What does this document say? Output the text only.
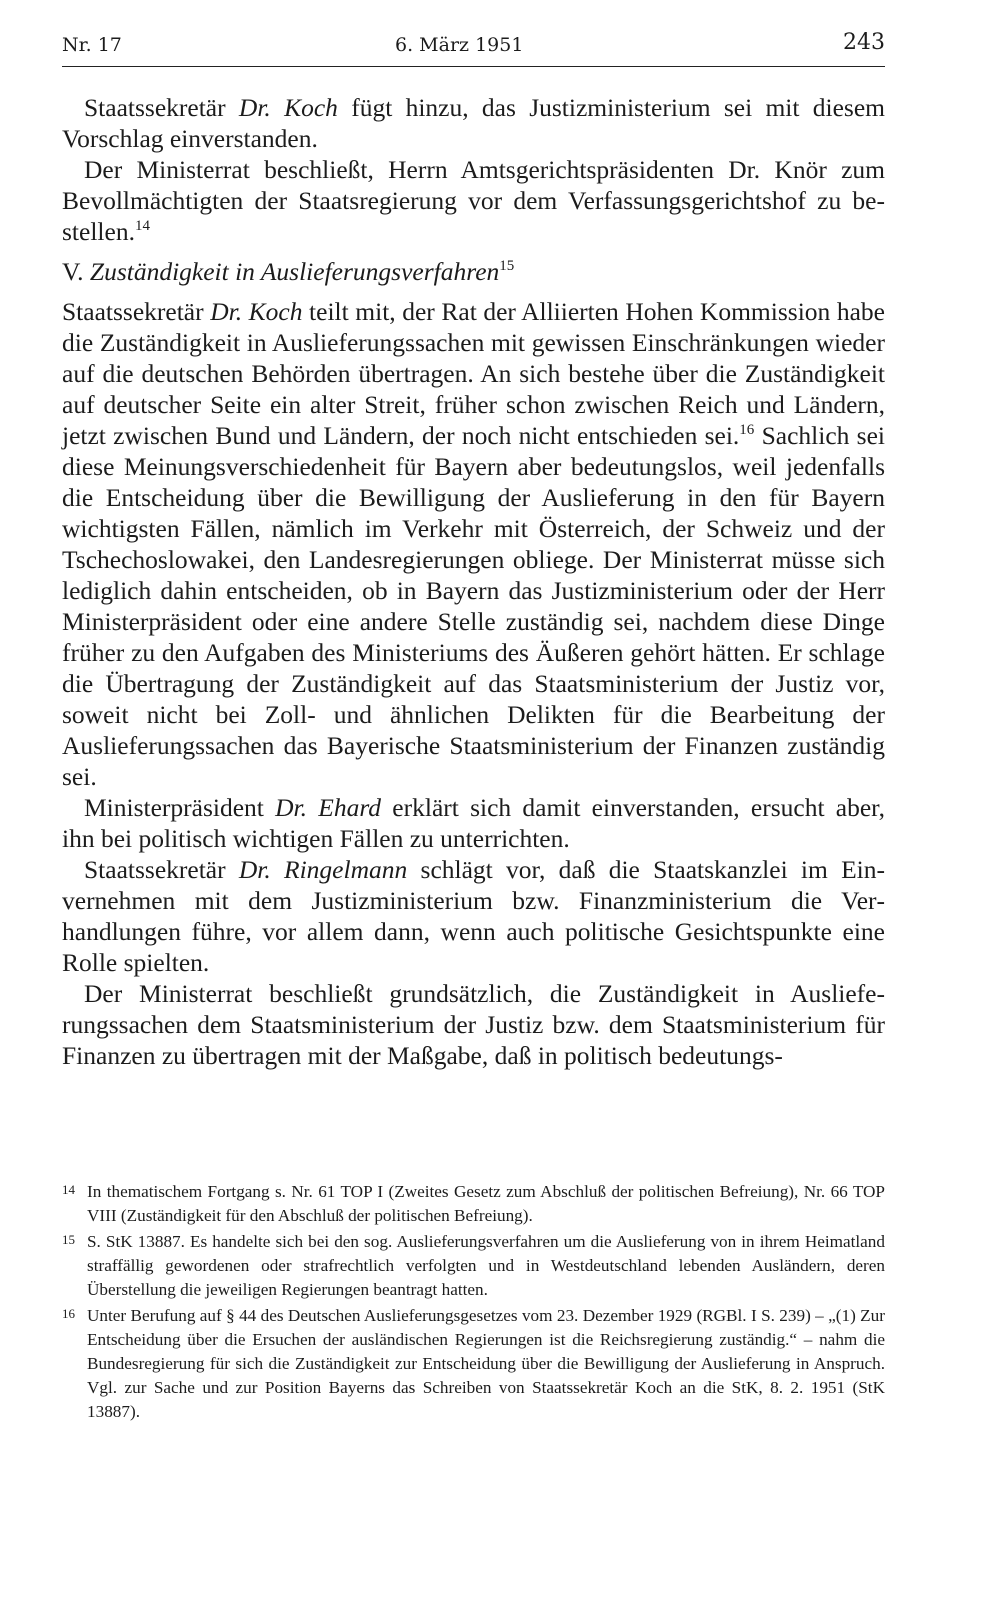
Nr. 17	6. März 1951	243

Staatssekretär Dr. Koch fügt hinzu, das Justizministerium sei mit diesem Vorschlag einverstanden.

Der Ministerrat beschließt, Herrn Amtsgerichtspräsidenten Dr. Knör zum Bevollmächtigten der Staatsregierung vor dem Verfassungsgerichtshof zu bestellen.$^{14}$

V. Zuständigkeit in Auslieferungsverfahren$^{15}$

Staatssekretär Dr. Koch teilt mit, der Rat der Alliierten Hohen Kommission habe die Zuständigkeit in Auslieferungssachen mit gewissen Einschränkungen wieder auf die deutschen Behörden übertragen. An sich bestehe über die Zuständigkeit auf deutscher Seite ein alter Streit, früher schon zwischen Reich und Ländern, jetzt zwischen Bund und Ländern, der noch nicht entschieden sei.$^{16}$ Sachlich sei diese Meinungsverschiedenheit für Bayern aber bedeutungslos, weil jedenfalls die Entscheidung über die Bewilligung der Auslieferung in den für Bayern wichtigsten Fällen, nämlich im Verkehr mit Österreich, der Schweiz und der Tschechoslowakei, den Landesregierungen obliege. Der Ministerrat müsse sich lediglich dahin entscheiden, ob in Bayern das Justizministerium oder der Herr Ministerpräsident oder eine andere Stelle zuständig sei, nachdem diese Dinge früher zu den Aufgaben des Ministeriums des Äußeren gehört hätten. Er schlage die Übertragung der Zuständigkeit auf das Staatsministerium der Justiz vor, soweit nicht bei Zoll- und ähnlichen Delikten für die Bearbeitung der Auslieferungssachen das Bayerische Staatsministerium der Finanzen zuständig sei.

Ministerpräsident Dr. Ehard erklärt sich damit einverstanden, ersucht aber, ihn bei politisch wichtigen Fällen zu unterrichten.

Staatssekretär Dr. Ringelmann schlägt vor, daß die Staatskanzlei im Einvernehmen mit dem Justizministerium bzw. Finanzministerium die Verhandlungen führe, vor allem dann, wenn auch politische Gesichtspunkte eine Rolle spielten.

Der Ministerrat beschließt grundsätzlich, die Zuständigkeit in Auslieferungssachen dem Staatsministerium der Justiz bzw. dem Staatsministerium für Finanzen zu übertragen mit der Maßgabe, daß in politisch bedeutungs-

14 In thematischem Fortgang s. Nr. 61 TOP I (Zweites Gesetz zum Abschluß der politischen Befreiung), Nr. 66 TOP VIII (Zuständigkeit für den Abschluß der politischen Befreiung).
15 S. StK 13887. Es handelte sich bei den sog. Auslieferungsverfahren um die Auslieferung von in ihrem Heimatland straffällig gewordenen oder strafrechtlich verfolgten und in Westdeutschland lebenden Ausländern, deren Überstellung die jeweiligen Regierungen beantragt hatten.
16 Unter Berufung auf § 44 des Deutschen Auslieferungsgesetzes vom 23. Dezember 1929 (RGBl. I S. 239) – „(1) Zur Entscheidung über die Ersuchen der ausländischen Regierungen ist die Reichsregierung zuständig.“ – nahm die Bundesregierung für sich die Zuständigkeit zur Entscheidung über die Bewilligung der Auslieferung in Anspruch. Vgl. zur Sache und zur Position Bayerns das Schreiben von Staatssekretär Koch an die StK, 8. 2. 1951 (StK 13887).
